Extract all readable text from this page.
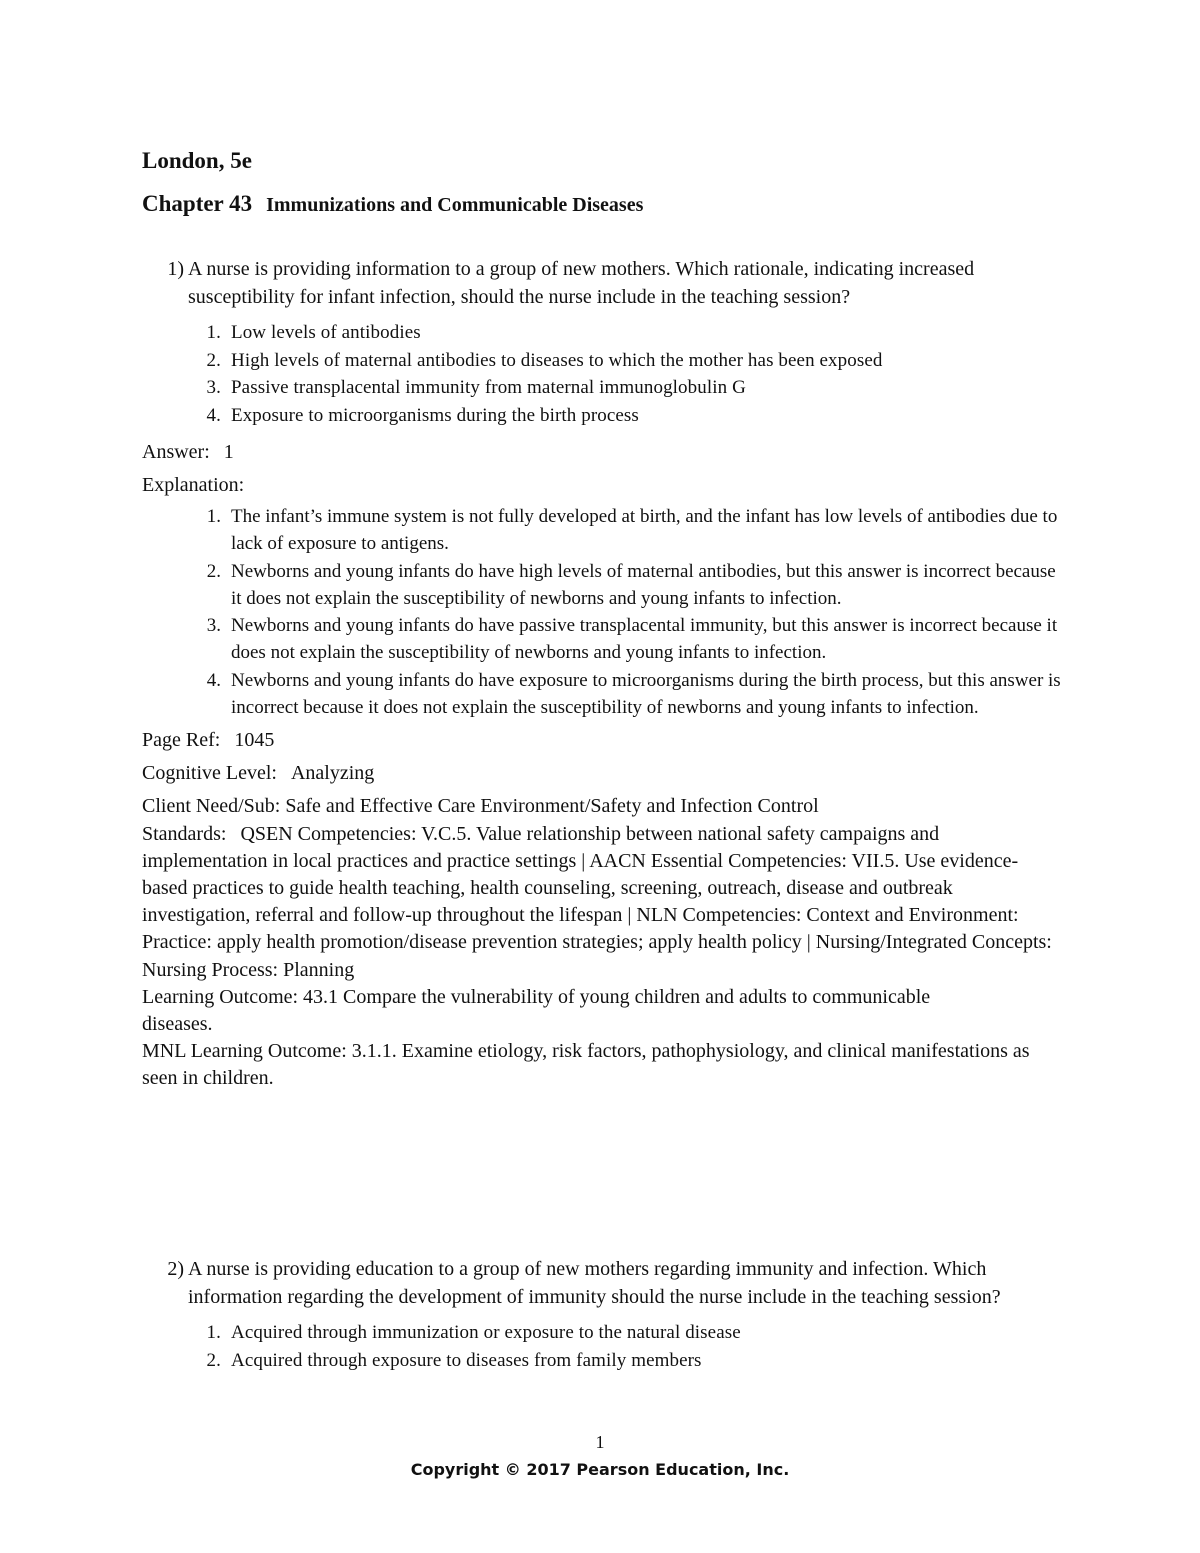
London, 5e
Chapter 43 Immunizations and Communicable Diseases
1) A nurse is providing information to a group of new mothers. Which rationale, indicating increased susceptibility for infant infection, should the nurse include in the teaching session?
1. Low levels of antibodies
2. High levels of maternal antibodies to diseases to which the mother has been exposed
3. Passive transplacental immunity from maternal immunoglobulin G
4. Exposure to microorganisms during the birth process
Answer: 1
Explanation:
1. The infant’s immune system is not fully developed at birth, and the infant has low levels of antibodies due to lack of exposure to antigens.
2. Newborns and young infants do have high levels of maternal antibodies, but this answer is incorrect because it does not explain the susceptibility of newborns and young infants to infection.
3. Newborns and young infants do have passive transplacental immunity, but this answer is incorrect because it does not explain the susceptibility of newborns and young infants to infection.
4. Newborns and young infants do have exposure to microorganisms during the birth process, but this answer is incorrect because it does not explain the susceptibility of newborns and young infants to infection.
Page Ref: 1045
Cognitive Level: Analyzing
Client Need/Sub: Safe and Effective Care Environment/Safety and Infection Control
Standards: QSEN Competencies: V.C.5. Value relationship between national safety campaigns and implementation in local practices and practice settings | AACN Essential Competencies: VII.5. Use evidence-based practices to guide health teaching, health counseling, screening, outreach, disease and outbreak investigation, referral and follow-up throughout the lifespan | NLN Competencies: Context and Environment: Practice: apply health promotion/disease prevention strategies; apply health policy | Nursing/Integrated Concepts: Nursing Process: Planning
Learning Outcome: 43.1 Compare the vulnerability of young children and adults to communicable diseases.
MNL Learning Outcome: 3.1.1. Examine etiology, risk factors, pathophysiology, and clinical manifestations as seen in children.
2) A nurse is providing education to a group of new mothers regarding immunity and infection. Which information regarding the development of immunity should the nurse include in the teaching session?
1. Acquired through immunization or exposure to the natural disease
2. Acquired through exposure to diseases from family members
1
Copyright © 2017 Pearson Education, Inc.
